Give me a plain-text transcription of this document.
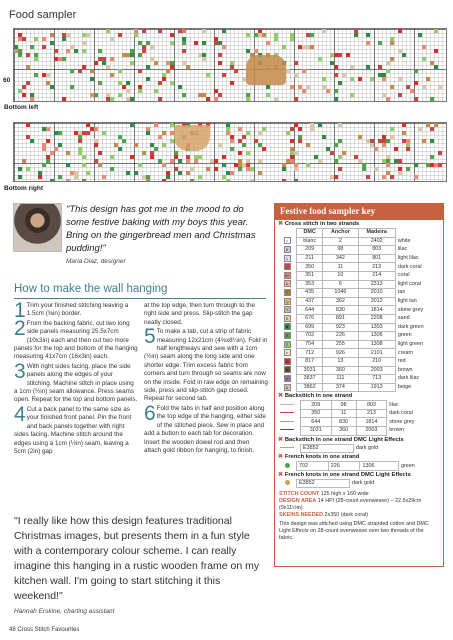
Food sampler
60
Bottom left
Bottom right
"This design has got me in the mood to do some festive baking with my boys this year. Bring on the gingerbread men and Christmas pudding!"
Maria Diaz, designer
How to make the wall hanging

1 Trim your finished stitching leaving a 1.5cm (⅝in) border.

2 From the backing fabric, cut two long side panels measuring 25.5x7cm (10x3in) each and then cut two more panels for the top and bottom of the hanging measuring 41x7cm (16x3in) each.

3 With right sides facing, place the side panels along the edges of your stitching. Machine stitch in place using a 1cm (½in) seam allowance. Press seams open. Repeat for the top and bottom panels.

4 Cut a back panel to the same size as your finished front panel. Pin the front and back panels together with right sides facing. Machine stitch around the edges using a 1cm (½in) seam, leaving a 5cm (2in) gap

at the top edge, then turn through to the right side and press. Slip-stitch the gap neatly closed.

5 To make a tab, cut a strip of fabric measuring 12x21cm (4⅝x8¼in). Fold in half lengthways and sew with a 1cm (½in) seam along the long side and one shorter edge. Trim excess fabric from corners and turn through so seams are now on the inside. Fold in raw edge on remaining side, press and slip-stitch gap closed. Repeat for second tab.

6 Fold the tabs in half and position along the top edge of the hanging, either side of the stitched piece. Sew in place and add a button to each tab for decoration. Insert the wooden dowel rod and then attach gold ribbon for hanging, to finish.

"I really like how this design features traditional Christmas images, but presents them in a fun style with a contemporary colour scheme. I can really imagine this hanging in a rustic wooden frame on my kitchen wall. I'm going to start stitching it this weekend!"
Hannah Erskine, charting assistant
Festive food sampler key
✖ Cross stitch in two strands
	DMC	Anchor	Madeira	
∩	blanc	2	2402	white
8	209	98	803	lilac
1	211	342	801	light lilac
	350	11	213	dark coral
W	351	10	214	coral
A	353	6	2313	light coral
7	435	1046	2010	tan
Q	437	362	2012	light tan
+	644	830	1814	stone grey
✕	676	891	2208	sand
◆	699	923	1303	dark green
S	702	226	1306	green
Z	704	255	1308	light green
≈	712	926	2101	cream
V	817	13	210	red
■	3031	360	2003	brown
•	3837	111	713	dark lilac
∆	3862	374	1913	beige
✖ Backstitch in one strand
	209	98	803	lilac
	350	11	213	dark coral
	644	830	1814	stone grey
	3031	360	2003	brown
✖ Backstitch in one strand DMC Light Effects
	E3852	dark gold
✖ French knots in one strand
	702	226	1306	green
✖ French knots in one strand DMC Light Effects
	E3852	dark gold
STITCH COUNT 125 high x 160 wide
DESIGN AREA 14 HPI (28-count evenweave) – 22.5x29cm (9x11½in)
SKEINS NEEDED 2x350 (dark coral)
This design was stitched using DMC stranded cotton and DMC Light Effects on 28-count evenweave over two threads of the fabric.
48 Cross Stitch Favourites
